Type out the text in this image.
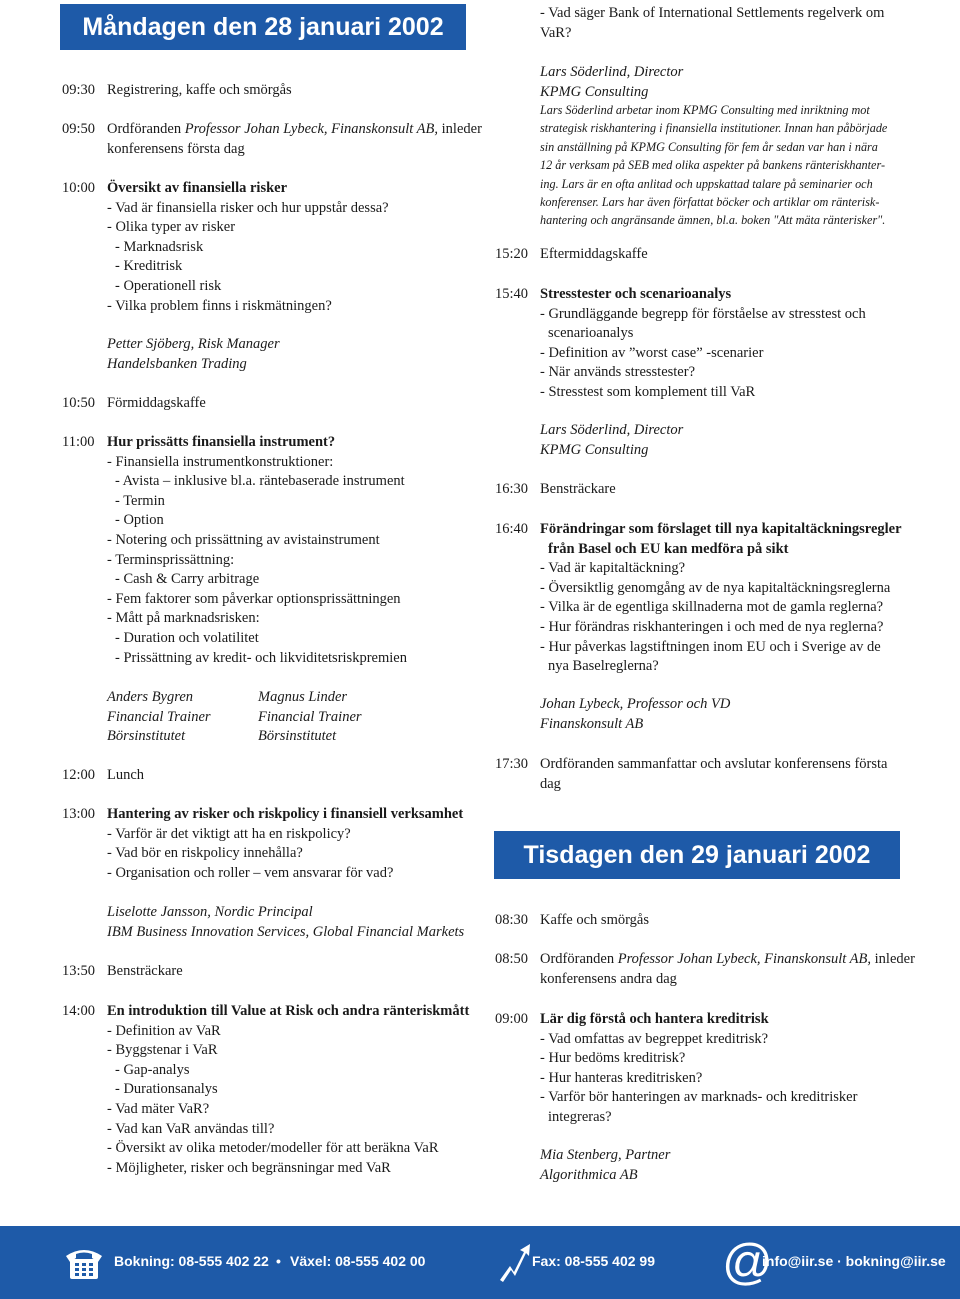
Måndagen den 28 januari 2002
09:30 Registrering, kaffe och smörgås
09:50 Ordföranden Professor Johan Lybeck, Finanskonsult AB, inleder
konferensens första dag
10:00 Översikt av finansiella risker
- Vad är finansiella risker och hur uppstår dessa?
- Olika typer av risker
- Marknadsrisk
- Kreditrisk
- Operationell risk
- Vilka problem finns i riskmätningen?
10:50 Förmiddagskaffe
11:00 Hur prissätts finansiella instrument?
- Finansiella instrumentkonstruktioner:
- Avista – inklusive bl.a. räntebaserade instrument
- Termin
- Option
- Notering och prissättning av avistainstrument
- Terminsprissättning:
- Cash & Carry arbitrage
- Fem faktorer som påverkar optionsprissättningen
- Mått på marknadsrisken:
- Duration och volatilitet
- Prissättning av kredit- och likviditetsriskpremien
12:00 Lunch
13:00 Hantering av risker och riskpolicy i finansiell verksamhet
- Varför är det viktigt att ha en riskpolicy?
- Vad bör en riskpolicy innehålla?
- Organisation och roller – vem ansvarar för vad?
13:50 Bensträckare
14:00 En introduktion till Value at Risk och andra ränteriskmått
- Definition av VaR
- Byggstenar i VaR
- Gap-analys
- Durationsanalys
- Vad mäter VaR?
- Vad kan VaR användas till?
- Översikt av olika metoder/modeller för att beräkna VaR
- Möjligheter, risker och begränsningar med VaR
Petter Sjöberg, Risk Manager
Handelsbanken Trading
Anders Bygren
Financial Trainer
Börsinstitutet
Magnus Linder
Financial Trainer
Börsinstitutet
Liselotte Jansson, Nordic Principal
IBM Business Innovation Services, Global Financial Markets
- Vad säger Bank of International Settlements regelverk om
VaR?
Lars Söderlind, Director
KPMG Consulting
Lars Söderlind arbetar inom KPMG Consulting med inriktning mot
strategisk riskhantering i finansiella institutioner. Innan han påbörjade
sin anställning på KPMG Consulting för fem år sedan var han i nära
12 år verksam på SEB med olika aspekter på bankens ränteriskhanter-
ing. Lars är en ofta anlitad och uppskattad talare på seminarier och
konferenser. Lars har även författat böcker och artiklar om ränterisk-
hantering och angränsande ämnen, bl.a. boken "Att mäta ränterisker".
15:20 Eftermiddagskaffe
15:40 Stresstester och scenarioanalys
- Grundläggande begrepp för förståelse av stresstest och
scenarioanalys
- Definition av ”worst case” -scenarier
- När används stresstester?
- Stresstest som komplement till VaR
16:30 Bensträckare
16:40 Förändringar som förslaget till nya kapitaltäckningsregler
från Basel och EU kan medföra på sikt
- Vad är kapitaltäckning?
- Översiktlig genomgång av de nya kapitaltäckningsreglerna
- Vilka är de egentliga skillnaderna mot de gamla reglerna?
- Hur förändras riskhanteringen i och med de nya reglerna?
- Hur påverkas lagstiftningen inom EU och i Sverige av de
nya Baselreglerna?
17:30 Ordföranden sammanfattar och avslutar konferensens första
dag
08:30 Kaffe och smörgås
08:50 Ordföranden Professor Johan Lybeck, Finanskonsult AB, inleder
konferensens andra dag
09:00 Lär dig förstå och hantera kreditrisk
- Vad omfattas av begreppet kreditrisk?
- Hur bedöms kreditrisk?
- Hur hanteras kreditrisken?
- Varför bör hanteringen av marknads- och kreditrisker
integreras?
Lars Söderlind, Director
KPMG Consulting
Johan Lybeck, Professor och VD
Finanskonsult AB
Mia Stenberg, Partner
Algorithmica AB
Tisdagen den 29 januari 2002
Bokning: 08-555 402 22 • Växel: 08-555 402 00	Fax: 08-555 402 99 @
info@iir.se · bokning@iir.se
